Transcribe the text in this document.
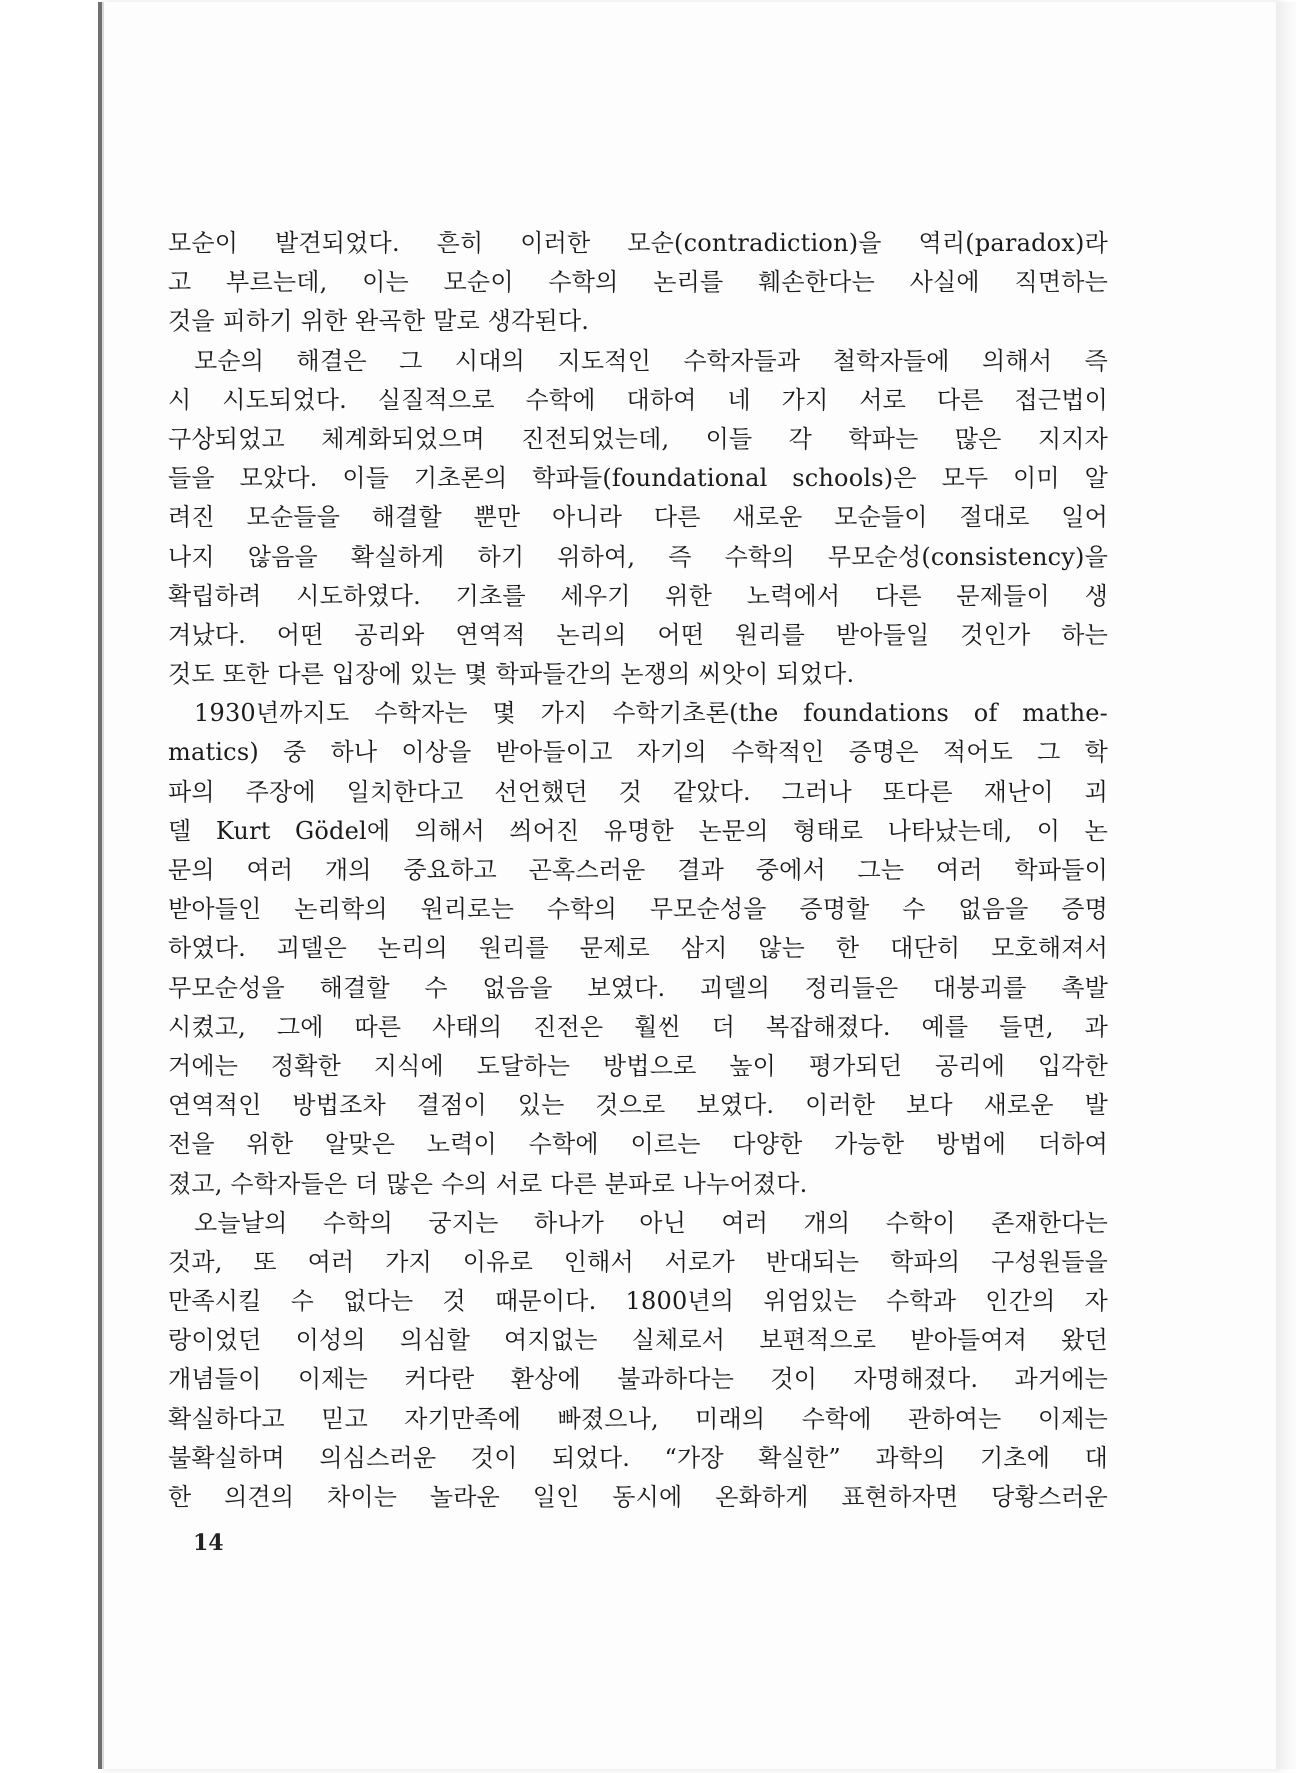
모순이 발견되었다. 흔히 이러한 모순(contradiction)을 역리(paradox)라
고 부르는데, 이는 모순이 수학의 논리를 훼손한다는 사실에 직면하는
것을 피하기 위한 완곡한 말로 생각된다.
모순의 해결은 그 시대의 지도적인 수학자들과 철학자들에 의해서 즉
시 시도되었다. 실질적으로 수학에 대하여 네 가지 서로 다른 접근법이
구상되었고 체계화되었으며 진전되었는데, 이들 각 학파는 많은 지지자
들을 모았다. 이들 기초론의 학파들(foundational schools)은 모두 이미 알
려진 모순들을 해결할 뿐만 아니라 다른 새로운 모순들이 절대로 일어
나지 않음을 확실하게 하기 위하여, 즉 수학의 무모순성(consistency)을
확립하려 시도하였다. 기초를 세우기 위한 노력에서 다른 문제들이 생
겨났다. 어떤 공리와 연역적 논리의 어떤 원리를 받아들일 것인가 하는
것도 또한 다른 입장에 있는 몇 학파들간의 논쟁의 씨앗이 되었다.
1930년까지도 수학자는 몇 가지 수학기초론(the foundations of mathe-
matics) 중 하나 이상을 받아들이고 자기의 수학적인 증명은 적어도 그 학
파의 주장에 일치한다고 선언했던 것 같았다. 그러나 또다른 재난이 괴
델 Kurt Gödel에 의해서 씌어진 유명한 논문의 형태로 나타났는데, 이 논
문의 여러 개의 중요하고 곤혹스러운 결과 중에서 그는 여러 학파들이
받아들인 논리학의 원리로는 수학의 무모순성을 증명할 수 없음을 증명
하였다. 괴델은 논리의 원리를 문제로 삼지 않는 한 대단히 모호해져서
무모순성을 해결할 수 없음을 보였다. 괴델의 정리들은 대붕괴를 촉발
시켰고, 그에 따른 사태의 진전은 훨씬 더 복잡해졌다. 예를 들면, 과
거에는 정확한 지식에 도달하는 방법으로 높이 평가되던 공리에 입각한
연역적인 방법조차 결점이 있는 것으로 보였다. 이러한 보다 새로운 발
전을 위한 알맞은 노력이 수학에 이르는 다양한 가능한 방법에 더하여
졌고, 수학자들은 더 많은 수의 서로 다른 분파로 나누어졌다.
오늘날의 수학의 궁지는 하나가 아닌 여러 개의 수학이 존재한다는
것과, 또 여러 가지 이유로 인해서 서로가 반대되는 학파의 구성원들을
만족시킬 수 없다는 것 때문이다. 1800년의 위엄있는 수학과 인간의 자
랑이었던 이성의 의심할 여지없는 실체로서 보편적으로 받아들여져 왔던
개념들이 이제는 커다란 환상에 불과하다는 것이 자명해졌다. 과거에는
확실하다고 믿고 자기만족에 빠졌으나, 미래의 수학에 관하여는 이제는
불확실하며 의심스러운 것이 되었다. “가장 확실한” 과학의 기초에 대
한 의견의 차이는 놀라운 일인 동시에 온화하게 표현하자면 당황스러운
14
